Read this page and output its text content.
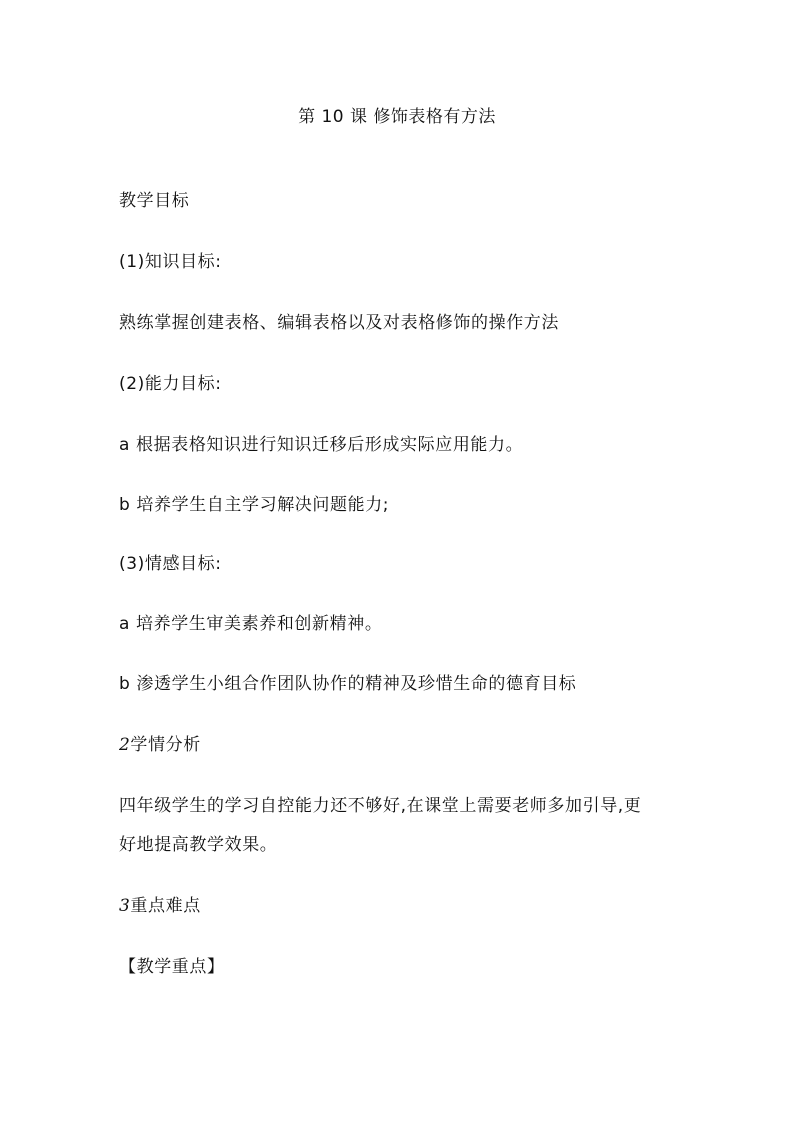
第 10 课 修饰表格有方法
教学目标
(1)知识目标:
熟练掌握创建表格、编辑表格以及对表格修饰的操作方法
(2)能力目标:
a 根据表格知识进行知识迁移后形成实际应用能力。
b 培养学生自主学习解决问题能力;
(3)情感目标:
a 培养学生审美素养和创新精神。
b 渗透学生小组合作团队协作的精神及珍惜生命的德育目标
2学情分析
四年级学生的学习自控能力还不够好,在课堂上需要老师多加引导,更
好地提高教学效果。
3重点难点
【教学重点】
